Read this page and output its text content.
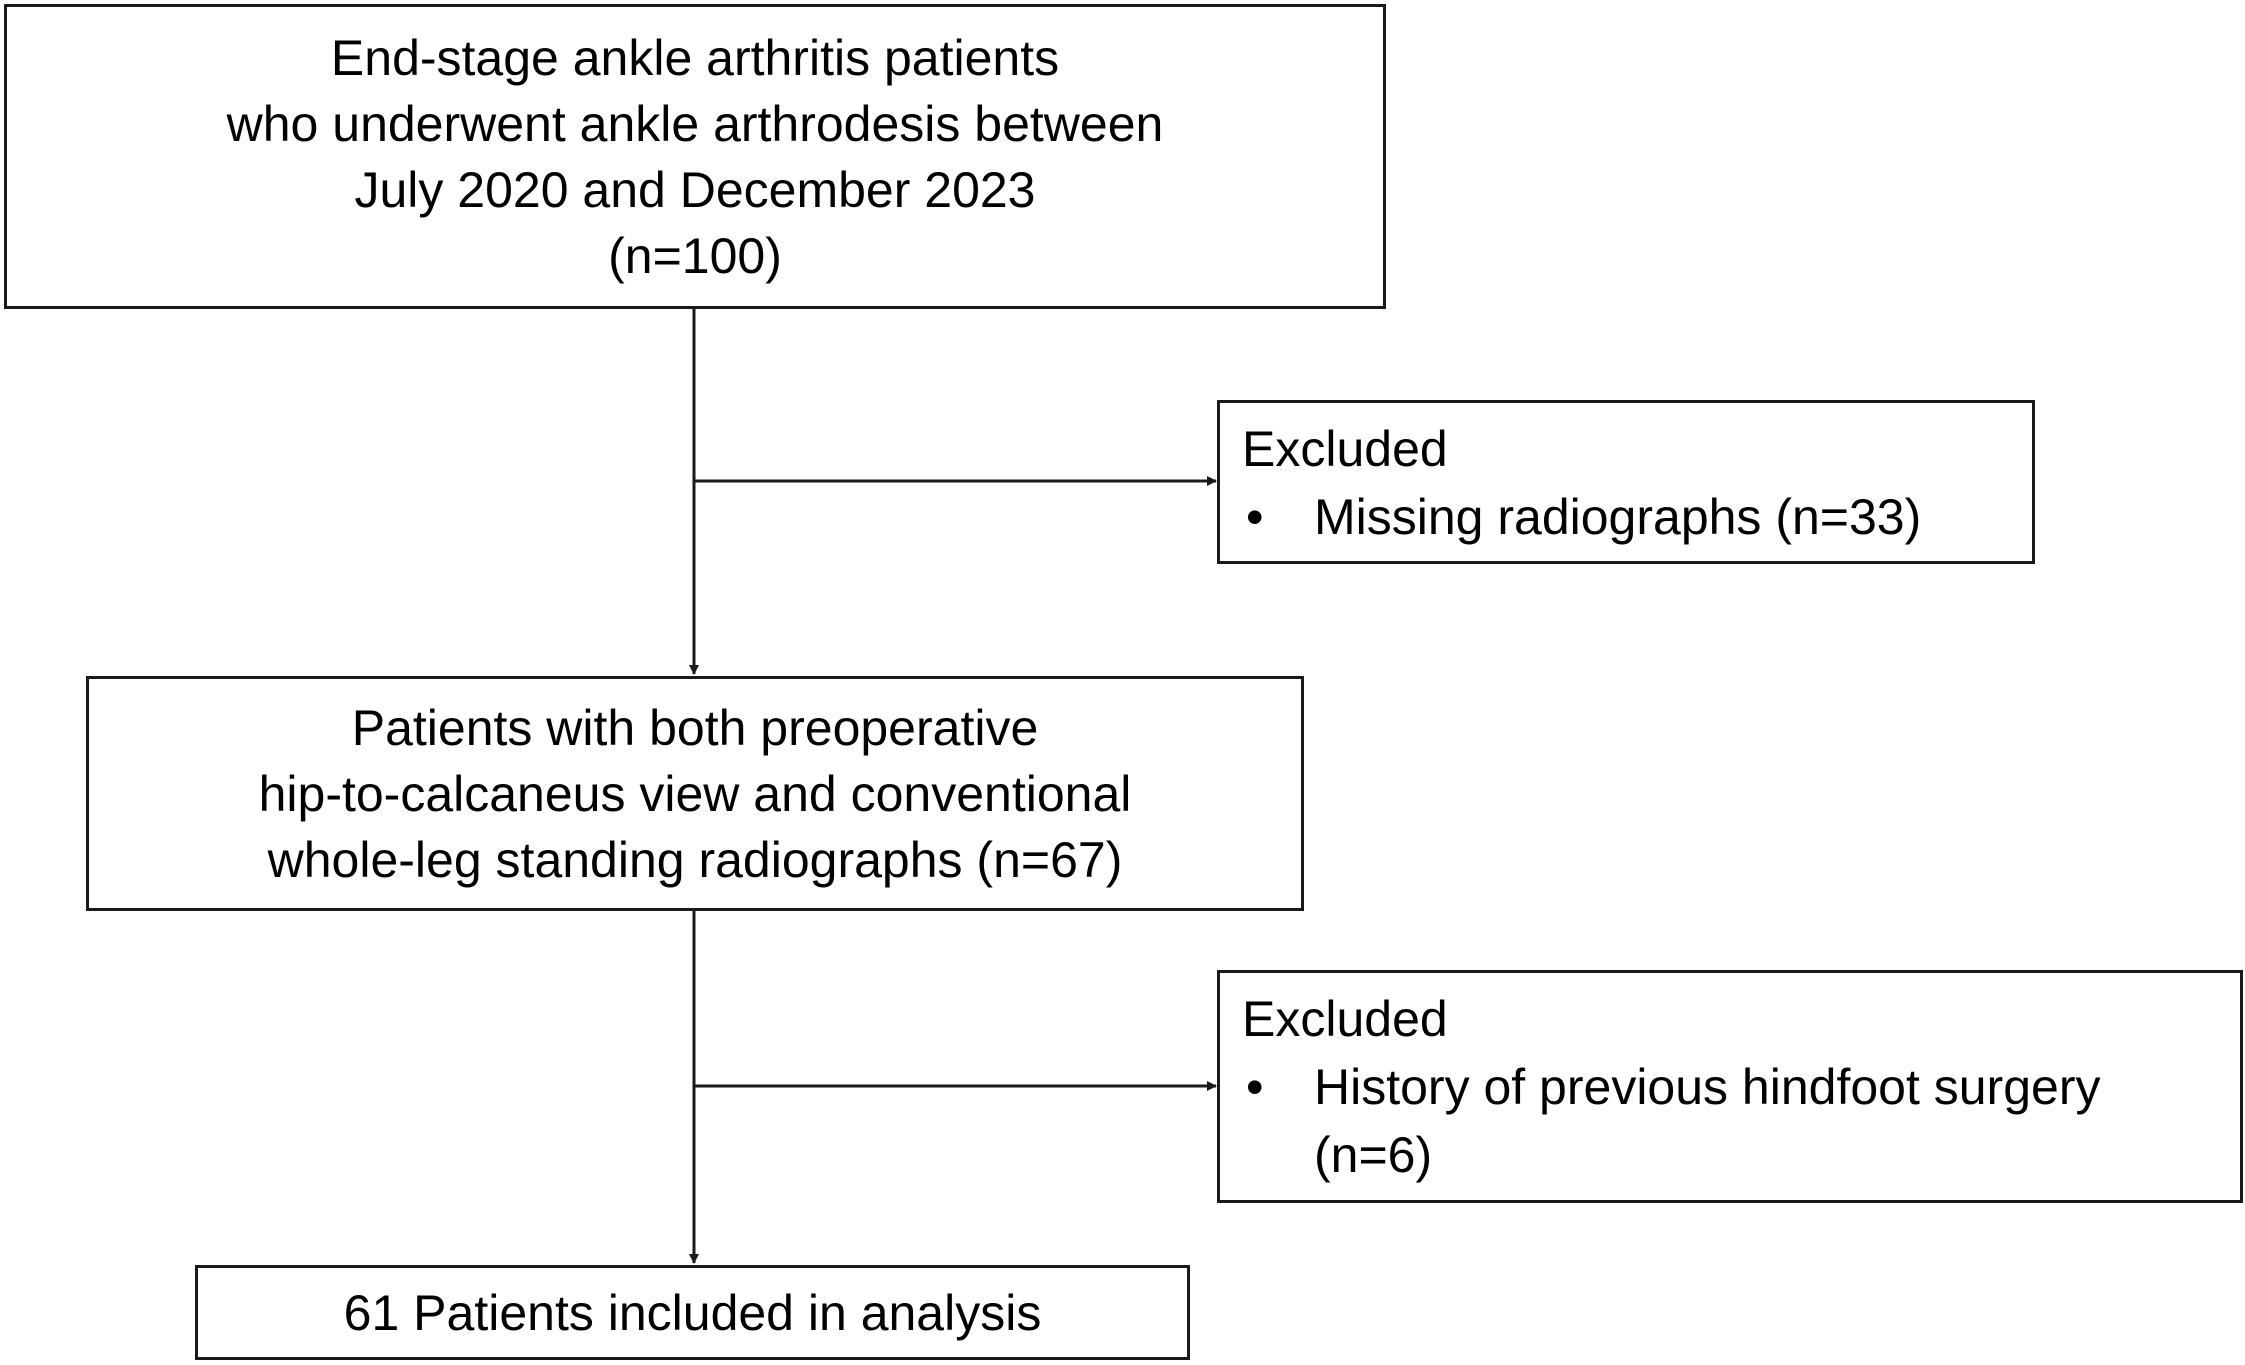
End-stage ankle arthritis patients
who underwent ankle arthrodesis between
July 2020 and December 2023
(n=100)
Excluded
•	Missing radiographs (n=33)
Patients with both preoperative
hip-to-calcaneus view and conventional
whole-leg standing radiographs (n=67)
Excluded
•	History of previous hindfoot surgery
(n=6)
61 Patients included in analysis
